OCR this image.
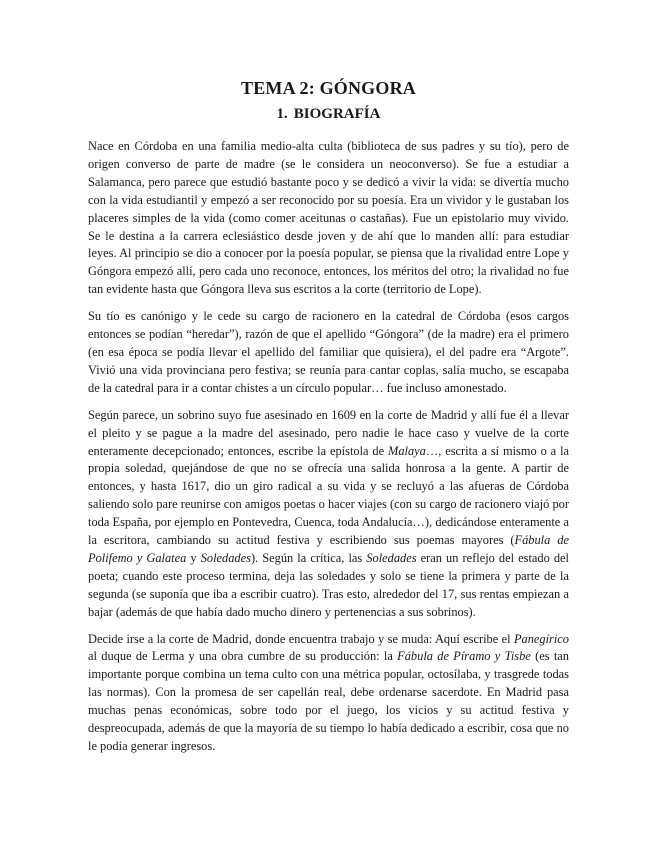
TEMA 2: GÓNGORA
1. BIOGRAFÍA

Nace en Córdoba en una familia medio-alta culta (biblioteca de sus padres y su tío), pero de origen converso de parte de madre (se le considera un neoconverso). Se fue a estudiar a Salamanca, pero parece que estudió bastante poco y se dedicó a vivir la vida: se divertía mucho con la vida estudiantil y empezó a ser reconocido por su poesía. Era un vividor y le gustaban los placeres simples de la vida (como comer aceitunas o castañas). Fue un epistolario muy vivido. Se le destina a la carrera eclesiástico desde joven y de ahí que lo manden allí: para estudiar leyes. Al principio se dio a conocer por la poesía popular, se piensa que la rivalidad entre Lope y Góngora empezó allí, pero cada uno reconoce, entonces, los méritos del otro; la rivalidad no fue tan evidente hasta que Góngora lleva sus escritos a la corte (territorio de Lope).

Su tío es canónigo y le cede su cargo de racionero en la catedral de Córdoba (esos cargos entonces se podían “heredar”), razón de que el apellido “Góngora” (de la madre) era el primero (en esa época se podía llevar el apellido del familiar que quisiera), el del padre era “Argote”. Vivió una vida provinciana pero festiva; se reunía para cantar coplas, salía mucho, se escapaba de la catedral para ir a contar chistes a un círculo popular… fue incluso amonestado.

Según parece, un sobrino suyo fue asesinado en 1609 en la corte de Madrid y allí fue él a llevar el pleito y se pague a la madre del asesinado, pero nadie le hace caso y vuelve de la corte enteramente decepcionado; entonces, escribe la epístola de Malaya…, escrita a sí mismo o a la propia soledad, quejándose de que no se ofrecía una salida honrosa a la gente. A partir de entonces, y hasta 1617, dio un giro radical a su vida y se recluyó a las afueras de Córdoba saliendo solo pare reunirse con amigos poetas o hacer viajes (con su cargo de racionero viajó por toda España, por ejemplo en Pontevedra, Cuenca, toda Andalucía…), dedicándose enteramente a la escritora, cambiando su actitud festiva y escribiendo sus poemas mayores (Fábula de Polifemo y Galatea y Soledades). Según la crítica, las Soledades eran un reflejo del estado del poeta; cuando este proceso termina, deja las soledades y solo se tiene la primera y parte de la segunda (se suponía que iba a escribir cuatro). Tras esto, alrededor del 17, sus rentas empiezan a bajar (además de que había dado mucho dinero y pertenencias a sus sobrinos).

Decide irse a la corte de Madrid, donde encuentra trabajo y se muda: Aquí escribe el Panegírico al duque de Lerma y una obra cumbre de su producción: la Fábula de Píramo y Tisbe (es tan importante porque combina un tema culto con una métrica popular, octosílaba, y trasgrede todas las normas). Con la promesa de ser capellán real, debe ordenarse sacerdote. En Madrid pasa muchas penas económicas, sobre todo por el juego, los vicios y su actitud festiva y despreocupada, además de que la mayoría de su tiempo lo había dedicado a escribir, cosa que no le podía generar ingresos.
